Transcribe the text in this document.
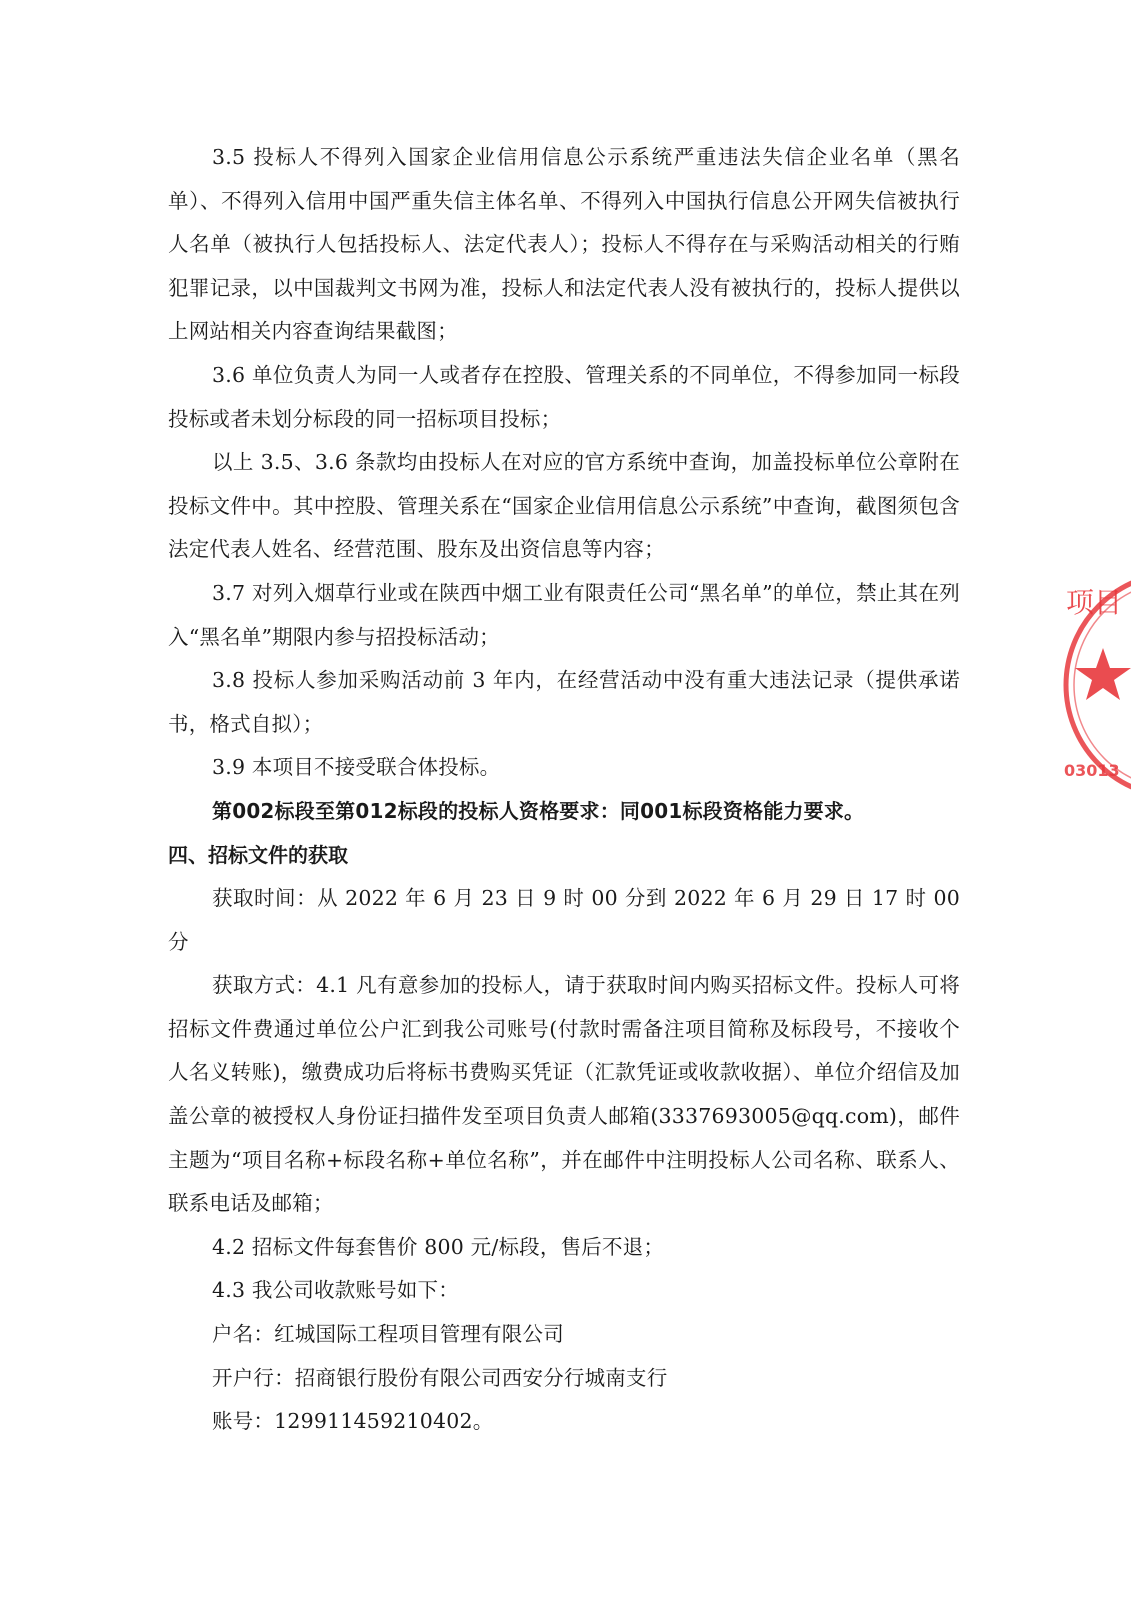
3.5 投标人不得列入国家企业信用信息公示系统严重违法失信企业名单（黑名单）、不得列入信用中国严重失信主体名单、不得列入中国执行信息公开网失信被执行人名单（被执行人包括投标人、法定代表人）；投标人不得存在与采购活动相关的行贿犯罪记录，以中国裁判文书网为准，投标人和法定代表人没有被执行的，投标人提供以上网站相关内容查询结果截图；

3.6 单位负责人为同一人或者存在控股、管理关系的不同单位，不得参加同一标段投标或者未划分标段的同一招标项目投标；

以上 3.5、3.6 条款均由投标人在对应的官方系统中查询，加盖投标单位公章附在投标文件中。其中控股、管理关系在“国家企业信用信息公示系统”中查询，截图须包含法定代表人姓名、经营范围、股东及出资信息等内容；

3.7 对列入烟草行业或在陕西中烟工业有限责任公司“黑名单”的单位，禁止其在列入“黑名单”期限内参与招投标活动；

3.8 投标人参加采购活动前 3 年内，在经营活动中没有重大违法记录（提供承诺书，格式自拟）；

3.9 本项目不接受联合体投标。

第002标段至第012标段的投标人资格要求：同001标段资格能力要求。

四、招标文件的获取

获取时间：从 2022 年 6 月 23 日 9 时 00 分到 2022 年 6 月 29 日 17 时 00 分

获取方式：4.1 凡有意参加的投标人，请于获取时间内购买招标文件。投标人可将招标文件费通过单位公户汇到我公司账号(付款时需备注项目简称及标段号，不接收个人名义转账)，缴费成功后将标书费购买凭证（汇款凭证或收款收据）、单位介绍信及加盖公章的被授权人身份证扫描件发至项目负责人邮箱(3337693005@qq.com)，邮件主题为“项目名称+标段名称+单位名称”，并在邮件中注明投标人公司名称、联系人、联系电话及邮箱；

4.2 招标文件每套售价 800 元/标段，售后不退；

4.3 我公司收款账号如下：

户名：红城国际工程项目管理有限公司

开户行：招商银行股份有限公司西安分行城南支行

账号：129911459210402。

项目
03013
